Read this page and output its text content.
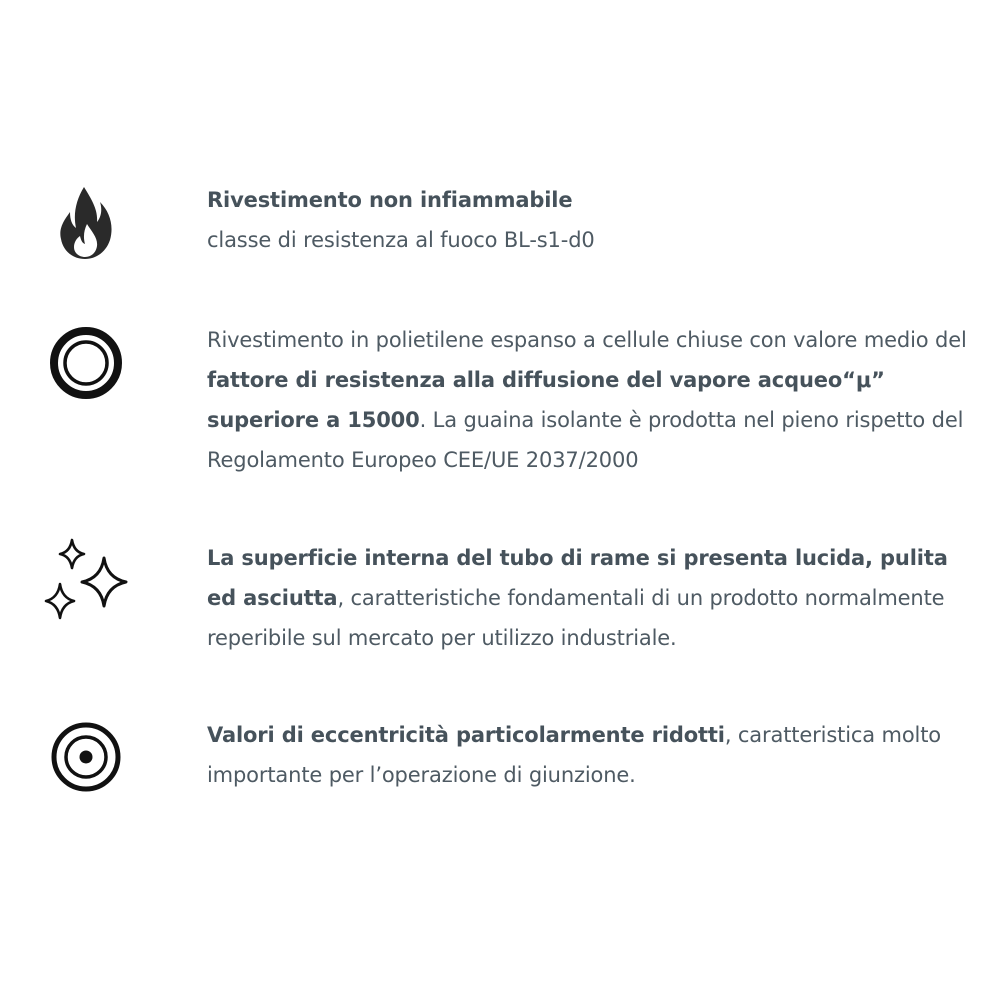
Rivestimento non infiammabile
classe di resistenza al fuoco BL-s1-d0
Rivestimento in polietilene espanso a cellule chiuse con valore medio del fattore di resistenza alla diffusione del vapore acqueo“μ” superiore a 15000. La guaina isolante è prodotta nel pieno rispetto del Regolamento Europeo CEE/UE 2037/2000
La superficie interna del tubo di rame si presenta lucida, pulita ed asciutta, caratteristiche fondamentali di un prodotto normalmente reperibile sul mercato per utilizzo industriale.
Valori di eccentricità particolarmente ridotti, caratteristica molto importante per l’operazione di giunzione.
